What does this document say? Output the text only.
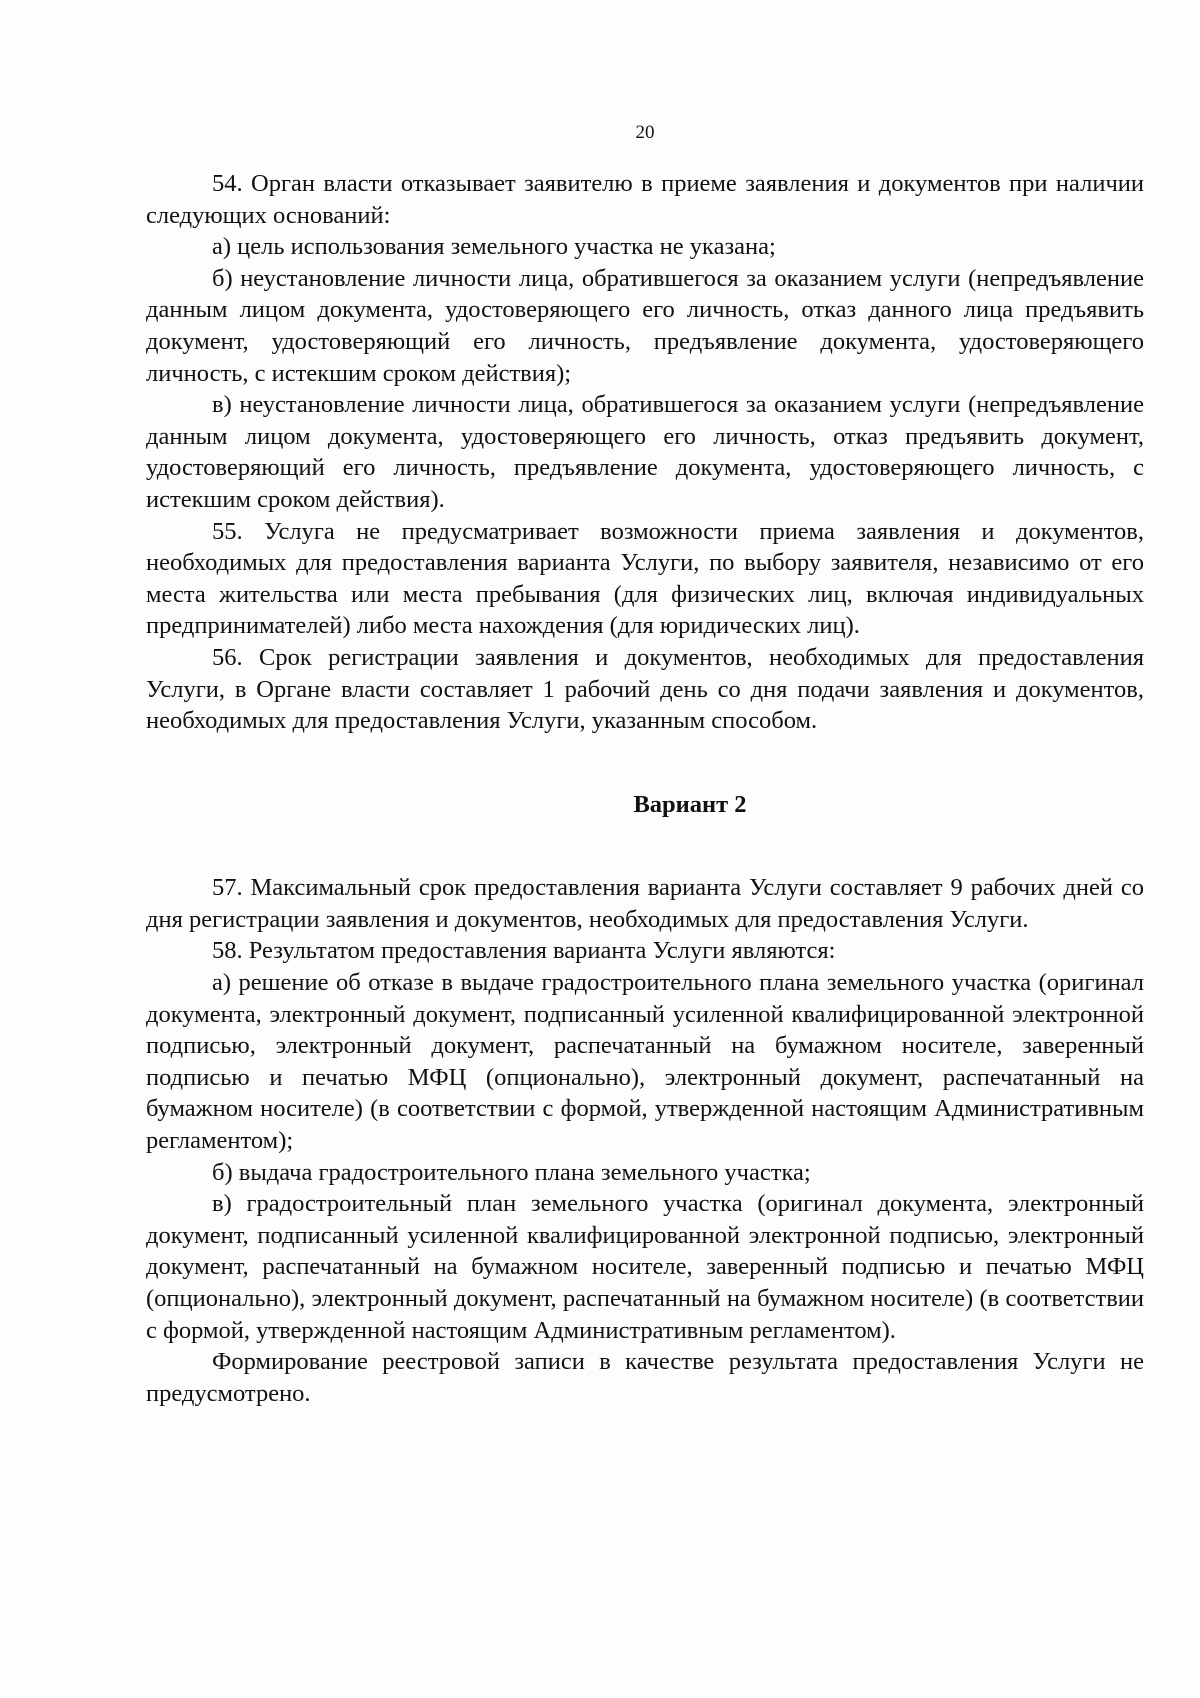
20

54. Орган власти отказывает заявителю в приеме заявления и документов при наличии следующих оснований:

а) цель использования земельного участка не указана;

б) неустановление личности лица, обратившегося за оказанием услуги (непредъявление данным лицом документа, удостоверяющего его личность, отказ данного лица предъявить документ, удостоверяющий его личность, предъявление документа, удостоверяющего личность, с истекшим сроком действия);

в) неустановление личности лица, обратившегося за оказанием услуги (непредъявление данным лицом документа, удостоверяющего его личность, отказ предъявить документ, удостоверяющий его личность, предъявление документа, удостоверяющего личность, с истекшим сроком действия).

55. Услуга не предусматривает возможности приема заявления и документов, необходимых для предоставления варианта Услуги, по выбору заявителя, независимо от его места жительства или места пребывания (для физических лиц, включая индивидуальных предпринимателей) либо места нахождения (для юридических лиц).

56. Срок регистрации заявления и документов, необходимых для предоставления Услуги, в Органе власти составляет 1 рабочий день со дня подачи заявления и документов, необходимых для предоставления Услуги, указанным способом.

Вариант 2

57. Максимальный срок предоставления варианта Услуги составляет 9 рабочих дней со дня регистрации заявления и документов, необходимых для предоставления Услуги.

58. Результатом предоставления варианта Услуги являются:

а) решение об отказе в выдаче градостроительного плана земельного участка (оригинал документа, электронный документ, подписанный усиленной квалифицированной электронной подписью, электронный документ, распечатанный на бумажном носителе, заверенный подписью и печатью МФЦ (опционально), электронный документ, распечатанный на бумажном носителе) (в соответствии с формой, утвержденной настоящим Административным регламентом);

б) выдача градостроительного плана земельного участка;

в) градостроительный план земельного участка (оригинал документа, электронный документ, подписанный усиленной квалифицированной электронной подписью, электронный документ, распечатанный на бумажном носителе, заверенный подписью и печатью МФЦ (опционально), электронный документ, распечатанный на бумажном носителе) (в соответствии с формой, утвержденной настоящим Административным регламентом).

Формирование реестровой записи в качестве результата предоставления Услуги не предусмотрено.
